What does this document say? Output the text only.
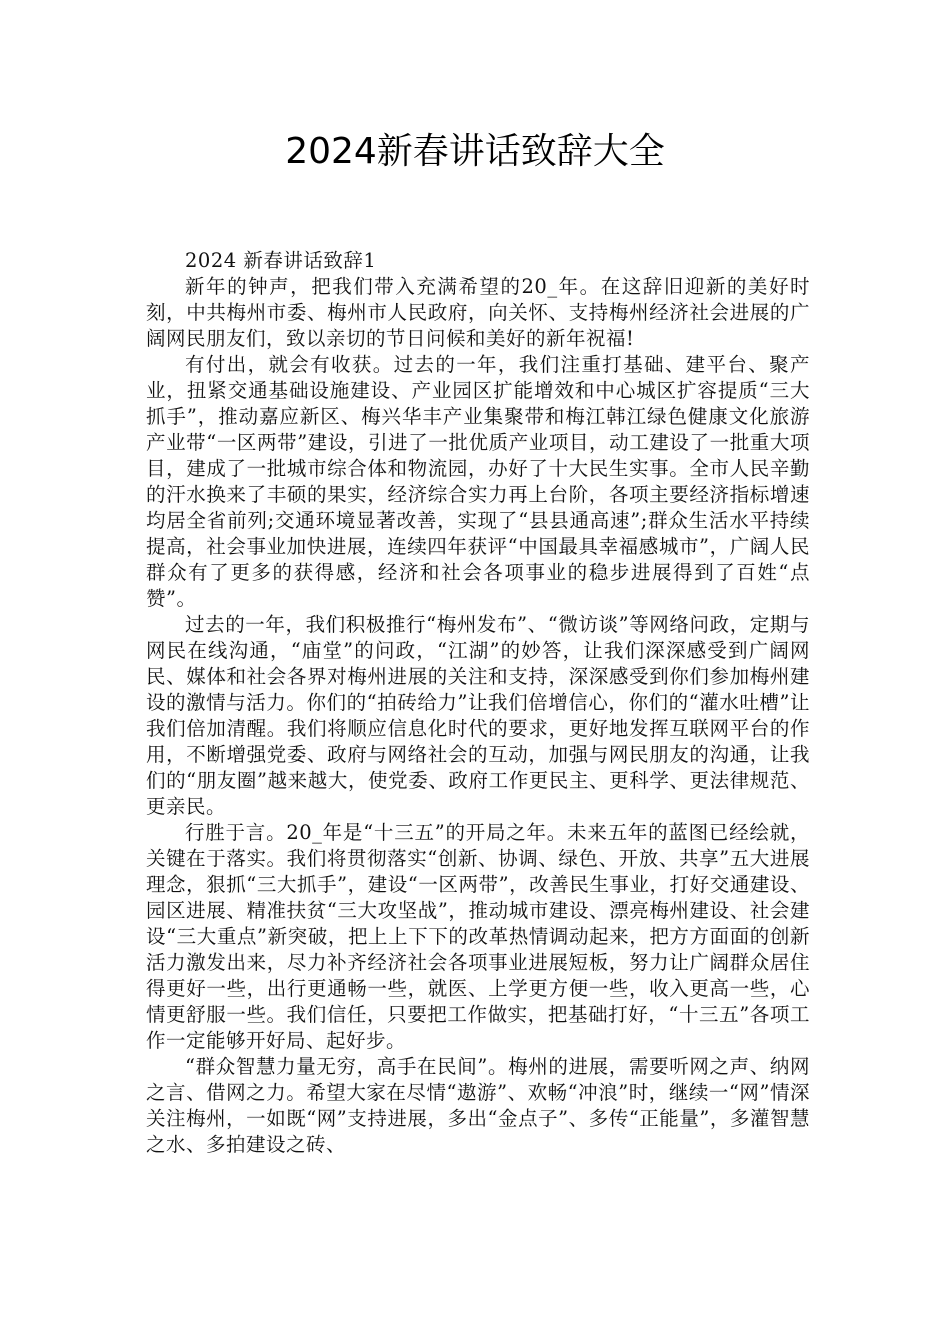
2024新春讲话致辞大全

2024 新春讲话致辞1

新年的钟声，把我们带入充满希望的20_年。在这辞旧迎新的美好时刻，中共梅州市委、梅州市人民政府，向关怀、支持梅州经济社会进展的广阔网民朋友们，致以亲切的节日问候和美好的新年祝福!

有付出，就会有收获。过去的一年，我们注重打基础、建平台、聚产业，扭紧交通基础设施建设、产业园区扩能增效和中心城区扩容提质“三大抓手”，推动嘉应新区、梅兴华丰产业集聚带和梅江韩江绿色健康文化旅游产业带“一区两带”建设，引进了一批优质产业项目，动工建设了一批重大项目，建成了一批城市综合体和物流园，办好了十大民生实事。全市人民辛勤的汗水换来了丰硕的果实，经济综合实力再上台阶，各项主要经济指标增速均居全省前列;交通环境显著改善，实现了“县县通高速”;群众生活水平持续提高，社会事业加快进展，连续四年获评“中国最具幸福感城市”，广阔人民群众有了更多的获得感，经济和社会各项事业的稳步进展得到了百姓“点赞”。

过去的一年，我们积极推行“梅州发布”、“微访谈”等网络问政，定期与网民在线沟通，“庙堂”的问政，“江湖”的妙答，让我们深深感受到广阔网民、媒体和社会各界对梅州进展的关注和支持，深深感受到你们参加梅州建设的激情与活力。你们的“拍砖给力”让我们倍增信心，你们的“灌水吐槽”让我们倍加清醒。我们将顺应信息化时代的要求，更好地发挥互联网平台的作用，不断增强党委、政府与网络社会的互动，加强与网民朋友的沟通，让我们的“朋友圈”越来越大，使党委、政府工作更民主、更科学、更法律规范、更亲民。

行胜于言。20_年是“十三五”的开局之年。未来五年的蓝图已经绘就，关键在于落实。我们将贯彻落实“创新、协调、绿色、开放、共享”五大进展理念，狠抓“三大抓手”，建设“一区两带”，改善民生事业，打好交通建设、园区进展、精准扶贫“三大攻坚战”，推动城市建设、漂亮梅州建设、社会建设“三大重点”新突破，把上上下下的改革热情调动起来，把方方面面的创新活力激发出来，尽力补齐经济社会各项事业进展短板，努力让广阔群众居住得更好一些，出行更通畅一些，就医、上学更方便一些，收入更高一些，心情更舒服一些。我们信任，只要把工作做实，把基础打好，“十三五”各项工作一定能够开好局、起好步。

“群众智慧力量无穷，高手在民间”。梅州的进展，需要听网之声、纳网之言、借网之力。希望大家在尽情“遨游”、欢畅“冲浪”时，继续一“网”情深关注梅州，一如既“网”支持进展，多出“金点子”、多传“正能量”，多灌智慧之水、多拍建设之砖、
